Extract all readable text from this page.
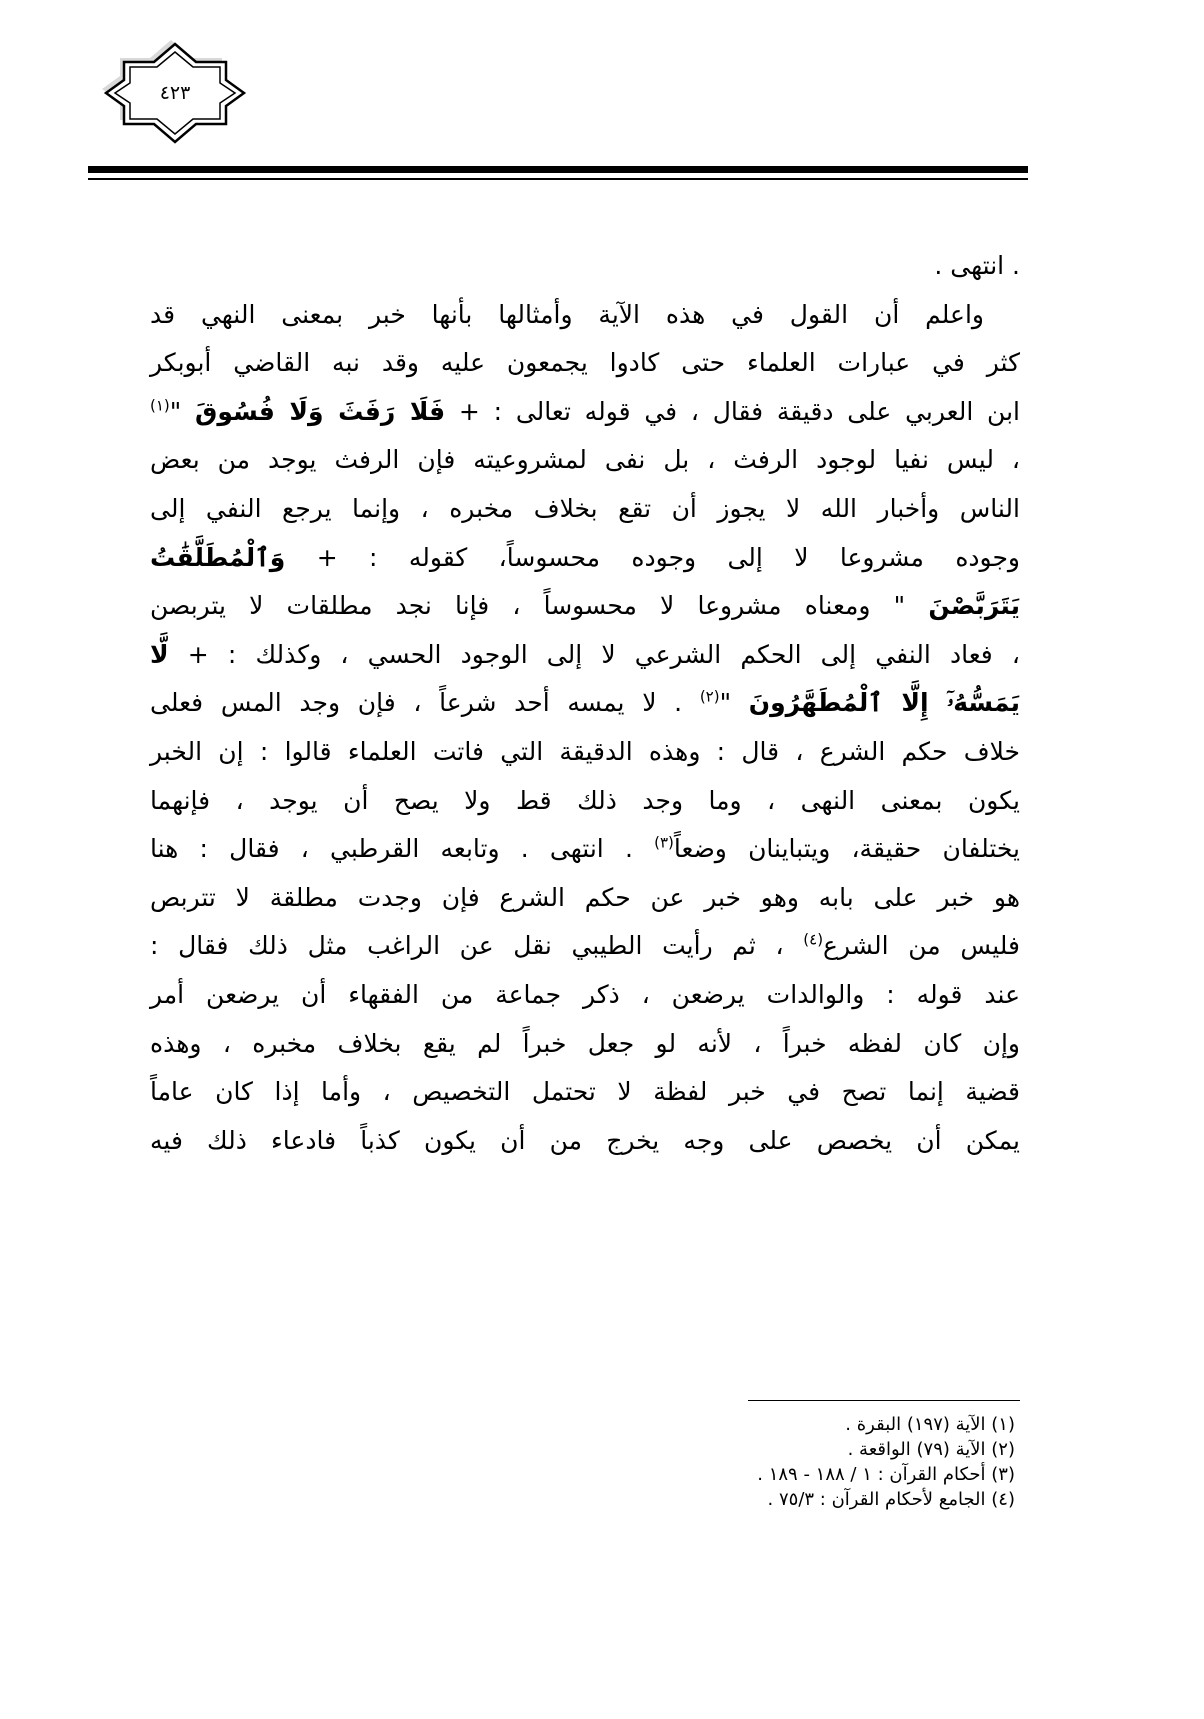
٤٢٣
. انتهى .
واعلم أن القول في هذه الآية وأمثالها بأنها خبر بمعنى النهي قد
كثر في عبارات العلماء حتى كادوا يجمعون عليه وقد نبه القاضي أبوبكر
ابن العربي على دقيقة فقال ، في قوله تعالى : + فَلَا رَفَثَ وَلَا فُسُوقَ "$^{(١)}$
، ليس نفيا لوجود الرفث ، بل نفى لمشروعيته فإن الرفث يوجد من بعض
الناس وأخبار الله لا يجوز أن تقع بخلاف مخبره ، وإنما يرجع النفي إلى
وجوده مشروعا لا إلى وجوده محسوساً، كقوله : + وَٱلْمُطَلَّقَٰتُ
يَتَرَبَّصْنَ " ومعناه مشروعا لا محسوساً ، فإنا نجد مطلقات لا يتربصن
، فعاد النفي إلى الحكم الشرعي لا إلى الوجود الحسي ، وكذلك : + لَّا
يَمَسُّهُۥٓ إِلَّا ٱلْمُطَهَّرُونَ "$^{(٢)}$ . لا يمسه أحد شرعاً ، فإن وجد المس فعلى
خلاف حكم الشرع ، قال : وهذه الدقيقة التي فاتت العلماء قالوا : إن الخبر
يكون بمعنى النهى ، وما وجد ذلك قط ولا يصح أن يوجد ، فإنهما
يختلفان حقيقة، ويتباينان وضعاً$^{(٣)}$ . انتهى . وتابعه القرطبي ، فقال : هنا
هو خبر على بابه وهو خبر عن حكم الشرع فإن وجدت مطلقة لا تتربص
فليس من الشرع$^{(٤)}$ ، ثم رأيت الطيبي نقل عن الراغب مثل ذلك فقال :
عند قوله : والوالدات يرضعن ، ذكر جماعة من الفقهاء أن يرضعن أمر
وإن كان لفظه خبراً ، لأنه لو جعل خبراً لم يقع بخلاف مخبره ، وهذه
قضية إنما تصح في خبر لفظة لا تحتمل التخصيص ، وأما إذا كان عاماً
يمكن أن يخصص على وجه يخرج من أن يكون كذباً فادعاء ذلك فيه
(١) الآية (١٩٧) البقرة .
(٢) الآية (٧٩) الواقعة .
(٣) أحكام القرآن : ١ / ١٨٨ - ١٨٩ .
(٤) الجامع لأحكام القرآن : ٧٥/٣ .
